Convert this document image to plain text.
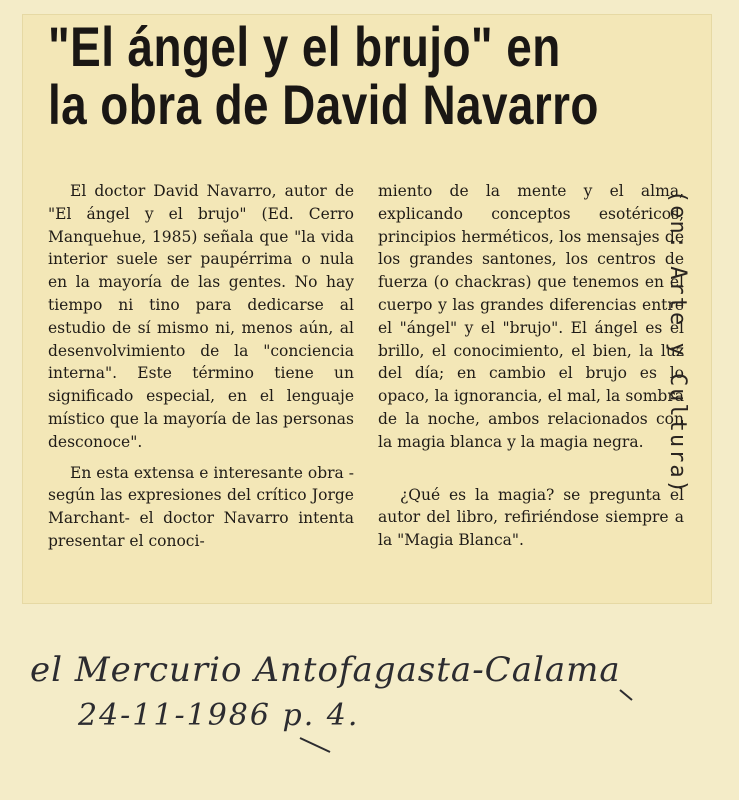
"El ángel y el brujo" en
la obra de David Navarro

El doctor David Navarro, autor de "El ángel y el brujo" (Ed. Cerro Manquehue, 1985) señala que "la vida interior suele ser paupérrima o nula en la mayoría de las gentes. No hay tiempo ni tino para dedicarse al estudio de sí mismo ni, menos aún, al desenvolvimiento de la "conciencia interna". Este término tiene un significado especial, en el lenguaje místico que la mayoría de las personas desconoce".

En esta extensa e interesante obra -según las expresiones del crítico Jorge Marchant- el doctor Navarro intenta presentar el conoci-

miento de la mente y el alma, explicando conceptos esotéricos, principios herméticos, los mensajes de los grandes santones, los centros de fuerza (o chackras) que tenemos en el cuerpo y las grandes diferencias entre el "ángel" y el "brujo". El ángel es el brillo, el conocimiento, el bien, la luz del día; en cambio el brujo es lo opaco, la ignorancia, el mal, la sombra de la noche, ambos relacionados con la magia blanca y la magia negra.

¿Qué es la magia? se pregunta el autor del libro, refiriéndose siempre a la "Magia Blanca".

(en: Arte y Cultura)
el Mercurio Antofagasta-Calama
24-11-1986 p. 4.
